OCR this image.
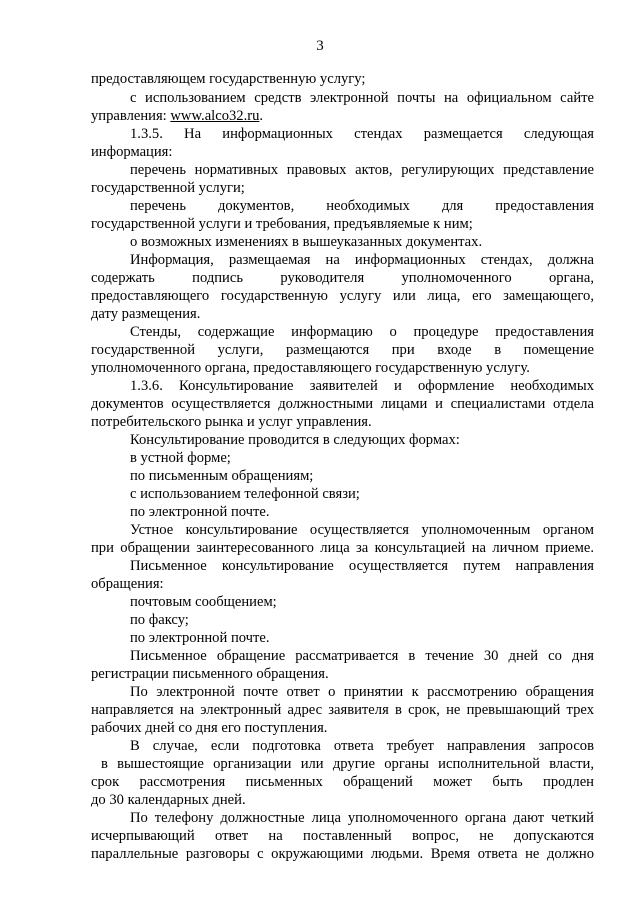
3
предоставляющем государственную услугу;
с использованием средств электронной почты на официальном сайте
управления: www.alco32.ru.
1.3.5. На информационных стендах размещается следующая
информация:
перечень нормативных правовых актов, регулирующих представление
государственной услуги;
перечень документов, необходимых для предоставления
государственной услуги и требования, предъявляемые к ним;
о возможных изменениях в вышеуказанных документах.
Информация, размещаемая на информационных стендах, должна
содержать подпись руководителя уполномоченного органа,
предоставляющего государственную услугу или лица, его замещающего,
дату размещения.
Стенды, содержащие информацию о процедуре предоставления
государственной услуги, размещаются при входе в помещение
уполномоченного органа, предоставляющего государственную услугу.
1.3.6. Консультирование заявителей и оформление необходимых
документов осуществляется должностными лицами и специалистами отдела
потребительского рынка и услуг управления.
Консультирование проводится в следующих формах:
в устной форме;
по письменным обращениям;
с использованием телефонной связи;
по электронной почте.
Устное консультирование осуществляется уполномоченным органом
при обращении заинтересованного лица за консультацией на личном приеме.
Письменное консультирование осуществляется путем направления
обращения:
почтовым сообщением;
по факсу;
по электронной почте.
Письменное обращение рассматривается в течение 30 дней со дня
регистрации письменного обращения.
По электронной почте ответ о принятии к рассмотрению обращения
направляется на электронный адрес заявителя в срок, не превышающий трех
рабочих дней со дня его поступления.
В случае, если подготовка ответа требует направления запросов
в вышестоящие организации или другие органы исполнительной власти,
срок рассмотрения письменных обращений может быть продлен
до 30 календарных дней.
По телефону должностные лица уполномоченного органа дают четкий
исчерпывающий ответ на поставленный вопрос, не допускаются
параллельные разговоры с окружающими людьми. Время ответа не должно
